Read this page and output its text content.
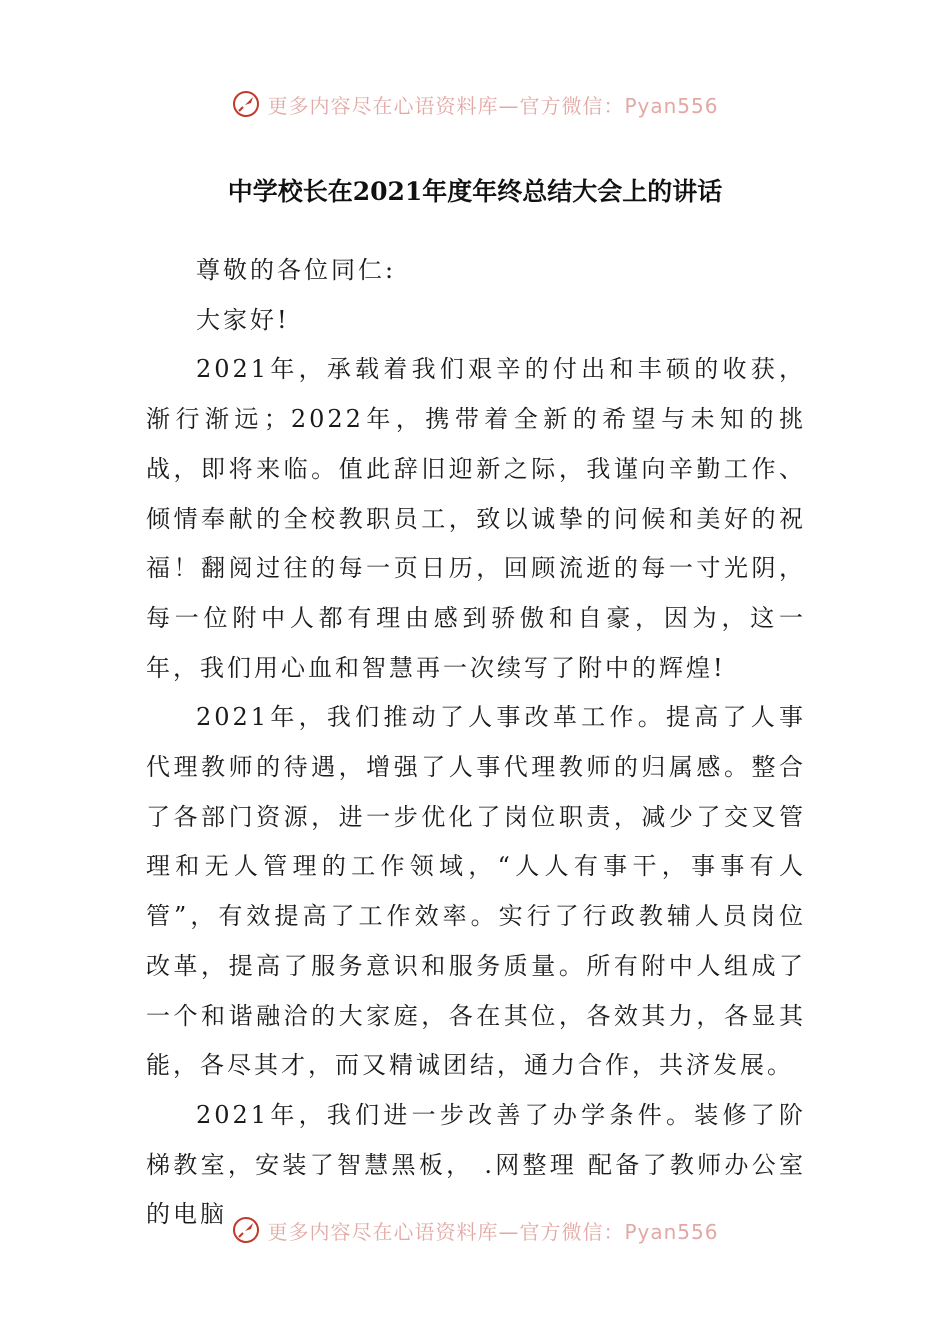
更多内容尽在心语资料库—官方微信：Pyan556
中学校长在2021年度年终总结大会上的讲话

尊敬的各位同仁:

大家好!

2021年，承载着我们艰辛的付出和丰硕的收获，渐行渐远；2022年，携带着全新的希望与未知的挑战，即将来临。值此辞旧迎新之际，我谨向辛勤工作、倾情奉献的全校教职员工，致以诚挚的问候和美好的祝福！翻阅过往的每一页日历，回顾流逝的每一寸光阴，每一位附中人都有理由感到骄傲和自豪，因为，这一年，我们用心血和智慧再一次续写了附中的辉煌!

2021年，我们推动了人事改革工作。提高了人事代理教师的待遇，增强了人事代理教师的归属感。整合了各部门资源，进一步优化了岗位职责，减少了交叉管理和无人管理的工作领域，“人人有事干，事事有人管”，有效提高了工作效率。实行了行政教辅人员岗位改革，提高了服务意识和服务质量。所有附中人组成了一个和谐融洽的大家庭，各在其位，各效其力，各显其能，各尽其才，而又精诚团结，通力合作，共济发展。

2021年，我们进一步改善了办学条件。装修了阶梯教室，安装了智慧黑板， .网整理 配备了教师办公室的电脑

更多内容尽在心语资料库—官方微信：Pyan556
